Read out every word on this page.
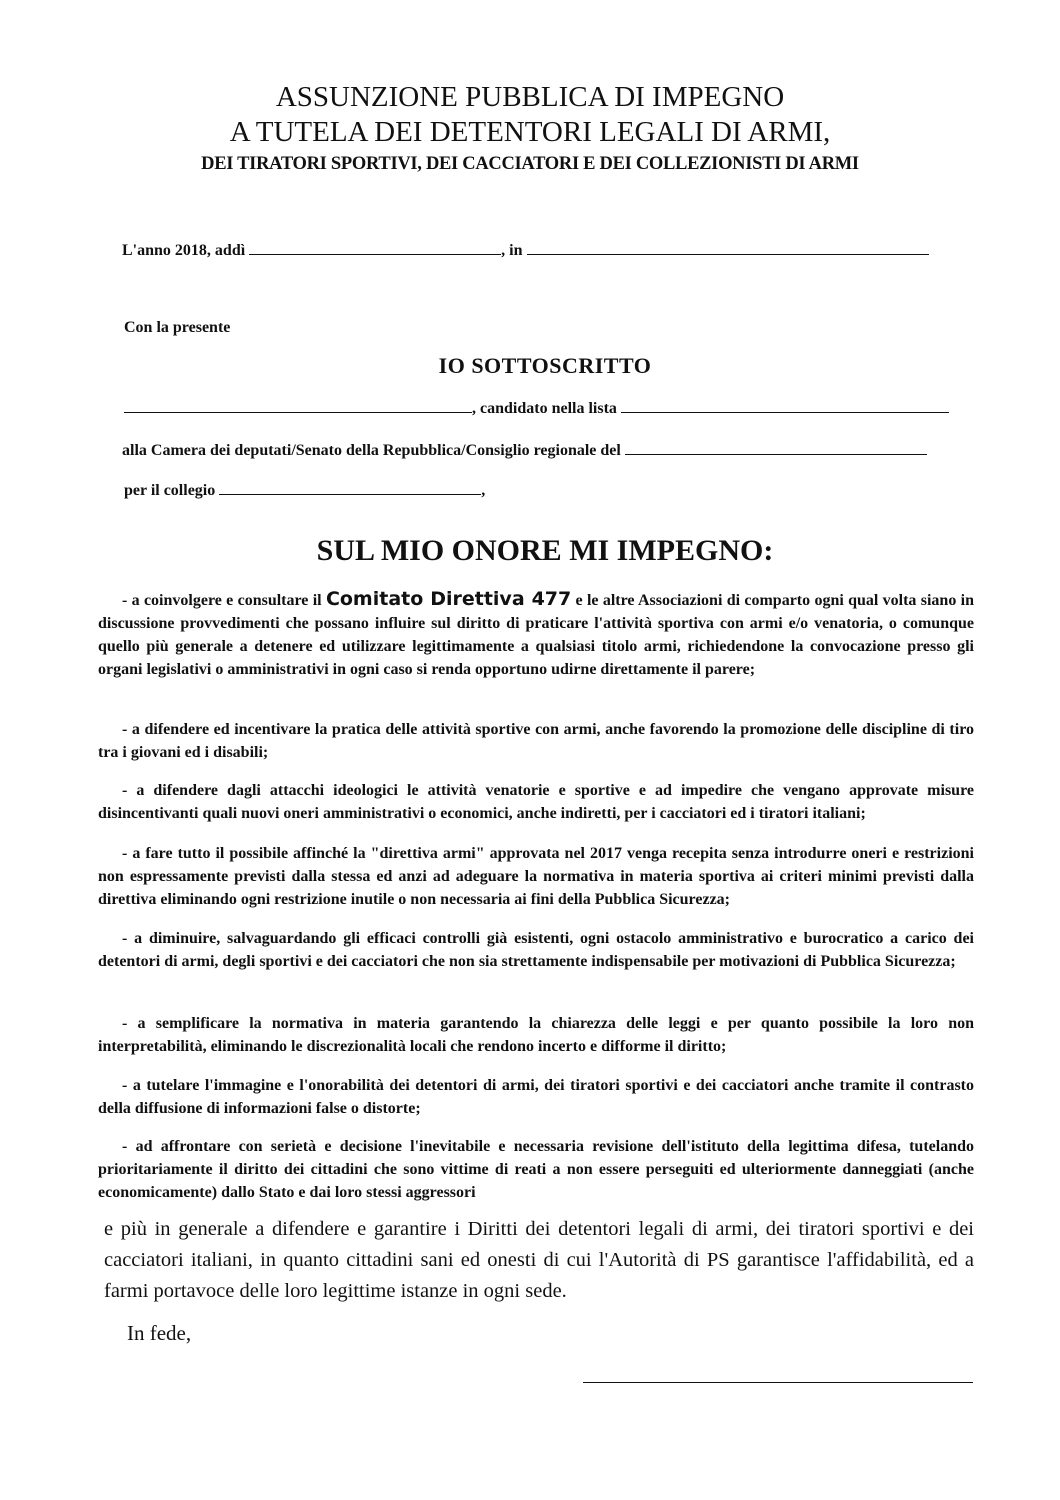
ASSUNZIONE PUBBLICA DI IMPEGNO
A TUTELA DEI DETENTORI LEGALI DI ARMI,
DEI TIRATORI SPORTIVI, DEI CACCIATORI E DEI COLLEZIONISTI DI ARMI
L'anno 2018, addì	, in
Con la presente
IO SOTTOSCRITTO
, candidato nella lista
alla Camera dei deputati/Senato della Repubblica/Consiglio regionale del
per il collegio	,
SUL MIO ONORE MI IMPEGNO:
- a coinvolgere e consultare il Comitato Direttiva 477 e le altre Associazioni di comparto ogni qual volta siano in discussione provvedimenti che possano influire sul diritto di praticare l'attività sportiva con armi e/o venatoria, o comunque quello più generale a detenere ed utilizzare legittimamente a qualsiasi titolo armi, richiedendone la convocazione presso gli organi legislativi o amministrativi in ogni caso si renda opportuno udirne direttamente il parere;
- a difendere ed incentivare la pratica delle attività sportive con armi, anche favorendo la promozione delle discipline di tiro tra i giovani ed i disabili;
- a difendere dagli attacchi ideologici le attività venatorie e sportive e ad impedire che vengano approvate misure disincentivanti quali nuovi oneri amministrativi o economici, anche indiretti, per i cacciatori ed i tiratori italiani;
- a fare tutto il possibile affinché la "direttiva armi" approvata nel 2017 venga recepita senza introdurre oneri e restrizioni non espressamente previsti dalla stessa ed anzi ad adeguare la normativa in materia sportiva ai criteri minimi previsti dalla direttiva eliminando ogni restrizione inutile o non necessaria ai fini della Pubblica Sicurezza;
- a diminuire, salvaguardando gli efficaci controlli già esistenti, ogni ostacolo amministrativo e burocratico a carico dei detentori di armi, degli sportivi e dei cacciatori che non sia strettamente indispensabile per motivazioni di Pubblica Sicurezza;
- a semplificare la normativa in materia garantendo la chiarezza delle leggi e per quanto possibile la loro non interpretabilità, eliminando le discrezionalità locali che rendono incerto e difforme il diritto;
- a tutelare l'immagine e l'onorabilità dei detentori di armi, dei tiratori sportivi e dei cacciatori anche tramite il contrasto della diffusione di informazioni false o distorte;
- ad affrontare con serietà e decisione l'inevitabile e necessaria revisione dell'istituto della legittima difesa, tutelando prioritariamente il diritto dei cittadini che sono vittime di reati a non essere perseguiti ed ulteriormente danneggiati (anche economicamente) dallo Stato e dai loro stessi aggressori
e più in generale a difendere e garantire i Diritti dei detentori legali di armi, dei tiratori sportivi e dei cacciatori italiani, in quanto cittadini sani ed onesti di cui l'Autorità di PS garantisce l'affidabilità, ed a farmi portavoce delle loro legittime istanze in ogni sede.
In fede,
